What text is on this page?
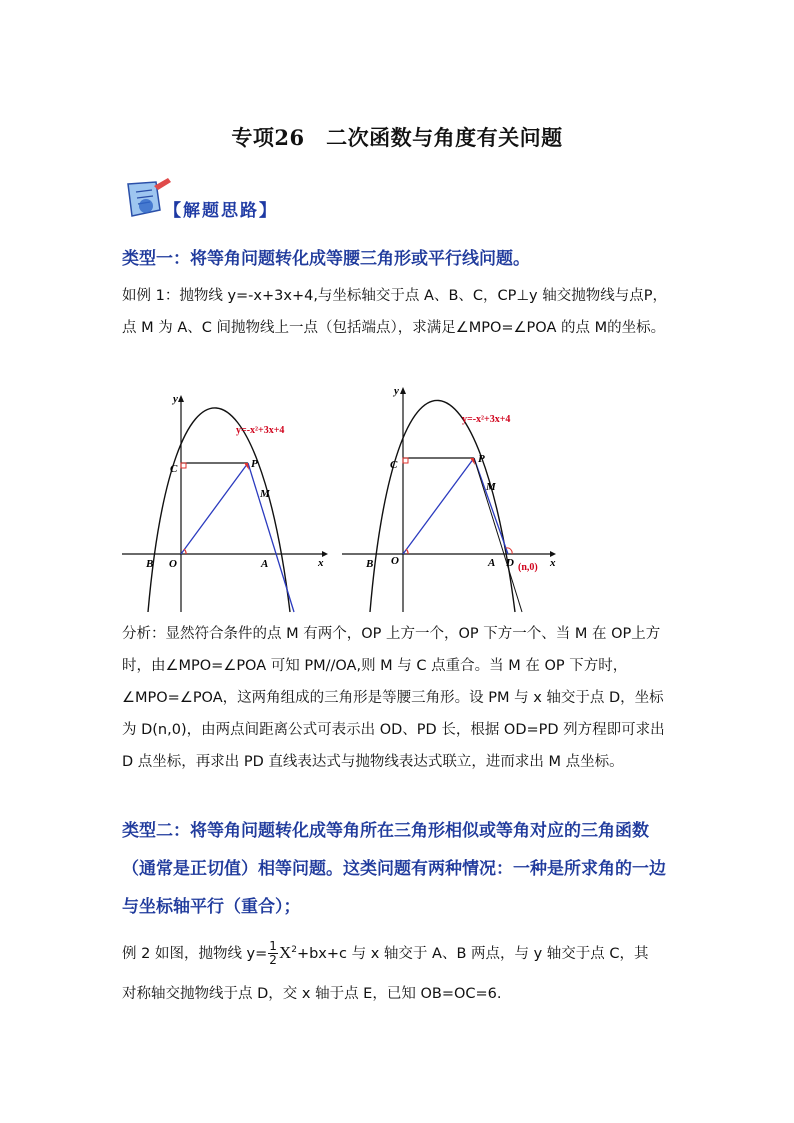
专项26　二次函数与角度有关问题
【解题思路】
类型一：将等角问题转化成等腰三角形或平行线问题。
如例 1：抛物线 y=-x+3x+4,与坐标轴交于点 A、B、C，CP⊥y 轴交抛物线与点P，点 M 为 A、C 间抛物线上一点（包括端点），求满足∠MPO=∠POA 的点 M的坐标。
y
x
C	P
M
B O	A
y=-x²+3x+4
y
x
C	P
M
B O	A D (n,0)
y=-x²+3x+4
分析：显然符合条件的点 M 有两个，OP 上方一个，OP 下方一个、当 M 在 OP上方时，由∠MPO=∠POA 可知 PM//OA,则 M 与 C 点重合。当 M 在 OP 下方时，∠MPO=∠POA，这两角组成的三角形是等腰三角形。设 PM 与 x 轴交于点 D，坐标为 D(n,0)，由两点间距离公式可表示出 OD、PD 长，根据 OD=PD 列方程即可求出 D 点坐标，再求出 PD 直线表达式与抛物线表达式联立，进而求出 M 点坐标。
类型二：将等角问题转化成等角所在三角形相似或等角对应的三角函数（通常是正切值）相等问题。这类问题有两种情况：一种是所求角的一边与坐标轴平行（重合）；
例 2 如图，抛物线 $y= \frac{1}{2} X^2+bx+c$ 与 x 轴交于 A、B 两点，与 y 轴交于点 C，其
对称轴交抛物线于点 D，交 x 轴于点 E，已知 OB=OC=6.
